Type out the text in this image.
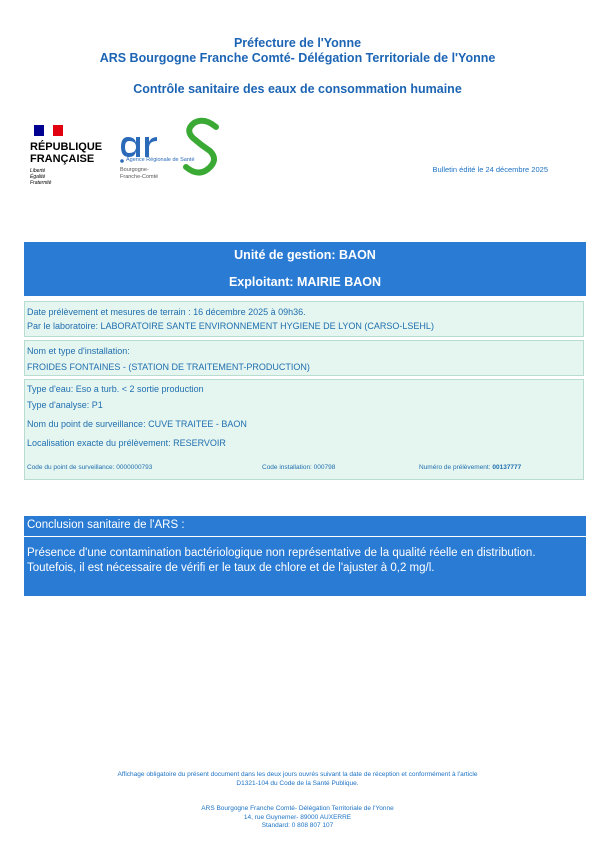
Préfecture de l'Yonne
ARS Bourgogne Franche Comté- Délégation Territoriale de l'Yonne
Contrôle sanitaire des eaux de consommation humaine
RÉPUBLIQUE
FRANÇAISE
Liberté
Égalité
Fraternité
Agence Régionale de Santé
Bourgogne-
Franche-Comté
Bulletin édité le 24 décembre 2025
Unité de gestion: BAON
Exploitant: MAIRIE BAON
Date prélèvement et mesures de terrain : 16 décembre 2025 à 09h36.
Par le laboratoire: LABORATOIRE SANTE ENVIRONNEMENT HYGIENE DE LYON (CARSO-LSEHL)
Nom et type d'installation:
FROIDES FONTAINES - (STATION DE TRAITEMENT-PRODUCTION)
Type d'eau: Eso a turb. < 2 sortie production
Type d'analyse: P1
Nom du point de surveillance: CUVE TRAITEE - BAON
Localisation exacte du prélèvement: RESERVOIR
Code du point de surveillance: 0000000793	Code installation: 000798	Numéro de prélèvement: 00137777
Conclusion sanitaire de l'ARS :
Présence d'une contamination bactériologique non représentative de la qualité réelle en distribution. Toutefois, il est nécessaire de vérifi er le taux de chlore et de l'ajuster à 0,2 mg/l.
Affichage obligatoire du présent document dans les deux jours ouvrés suivant la date de réception et conformément à l'article
D1321-104 du Code de la Santé Publique.
ARS Bourgogne Franche Comté- Délégation Territoriale de l'Yonne
14, rue Guynemer- 89000 AUXERRE
Standard: 0 808 807 107
